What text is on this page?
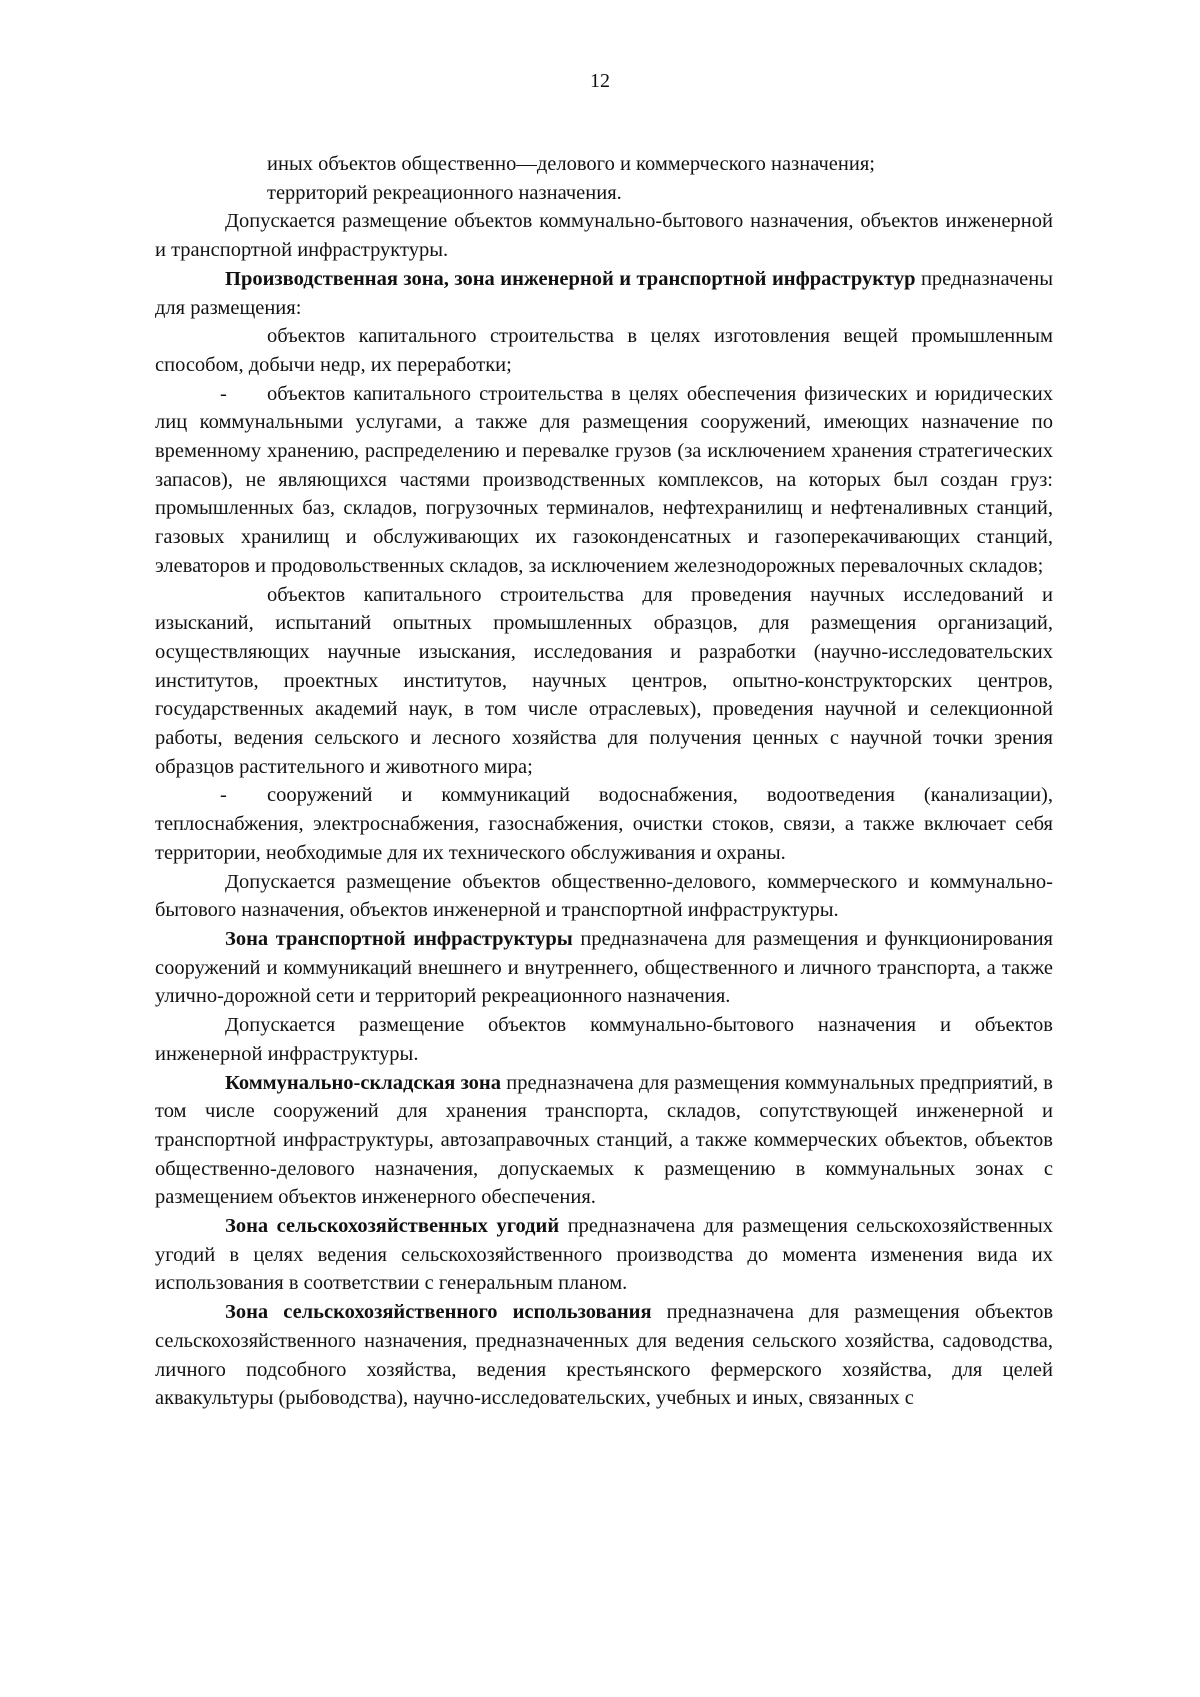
12

иных объектов общественно—делового и коммерческого назначения;

территорий рекреационного назначения.

Допускается размещение объектов коммунально-бытового назначения, объектов инженерной и транспортной инфраструктуры.

Производственная зона, зона инженерной и транспортной инфраструктур предназначены для размещения:

объектов капитального строительства в целях изготовления вещей промышленным способом, добычи недр, их переработки;

- объектов капитального строительства в целях обеспечения физических и юридических лиц коммунальными услугами, а также для размещения сооружений, имеющих назначение по временному хранению, распределению и перевалке грузов (за исключением хранения стратегических запасов), не являющихся частями производственных комплексов, на которых был создан груз: промышленных баз, складов, погрузочных терминалов, нефтехранилищ и нефтеналивных станций, газовых хранилищ и обслуживающих их газоконденсатных и газоперекачивающих станций, элеваторов и продовольственных складов, за исключением железнодорожных перевалочных складов;

объектов капитального строительства для проведения научных исследований и изысканий, испытаний опытных промышленных образцов, для размещения организаций, осуществляющих научные изыскания, исследования и разработки (научно-исследовательских институтов, проектных институтов, научных центров, опытно-конструкторских центров, государственных академий наук, в том числе отраслевых), проведения научной и селекционной работы, ведения сельского и лесного хозяйства для получения ценных с научной точки зрения образцов растительного и животного мира;

- сооружений и коммуникаций водоснабжения, водоотведения (канализации), теплоснабжения, электроснабжения, газоснабжения, очистки стоков, связи, а также включает себя территории, необходимые для их технического обслуживания и охраны.

Допускается размещение объектов общественно-делового, коммерческого и коммунально-бытового назначения, объектов инженерной и транспортной инфраструктуры.

Зона транспортной инфраструктуры предназначена для размещения и функционирования сооружений и коммуникаций внешнего и внутреннего, общественного и личного транспорта, а также улично-дорожной сети и территорий рекреационного назначения.

Допускается размещение объектов коммунально-бытового назначения и объектов инженерной инфраструктуры.

Коммунально-складская зона предназначена для размещения коммунальных предприятий, в том числе сооружений для хранения транспорта, складов, сопутствующей инженерной и транспортной инфраструктуры, автозаправочных станций, а также коммерческих объектов, объектов общественно-делового назначения, допускаемых к размещению в коммунальных зонах с размещением объектов инженерного обеспечения.

Зона сельскохозяйственных угодий предназначена для размещения сельскохозяйственных угодий в целях ведения сельскохозяйственного производства до момента изменения вида их использования в соответствии с генеральным планом.

Зона сельскохозяйственного использования предназначена для размещения объектов сельскохозяйственного назначения, предназначенных для ведения сельского хозяйства, садоводства, личного подсобного хозяйства, ведения крестьянского фермерского хозяйства, для целей аквакультуры (рыбоводства), научно-исследовательских, учебных и иных, связанных с
